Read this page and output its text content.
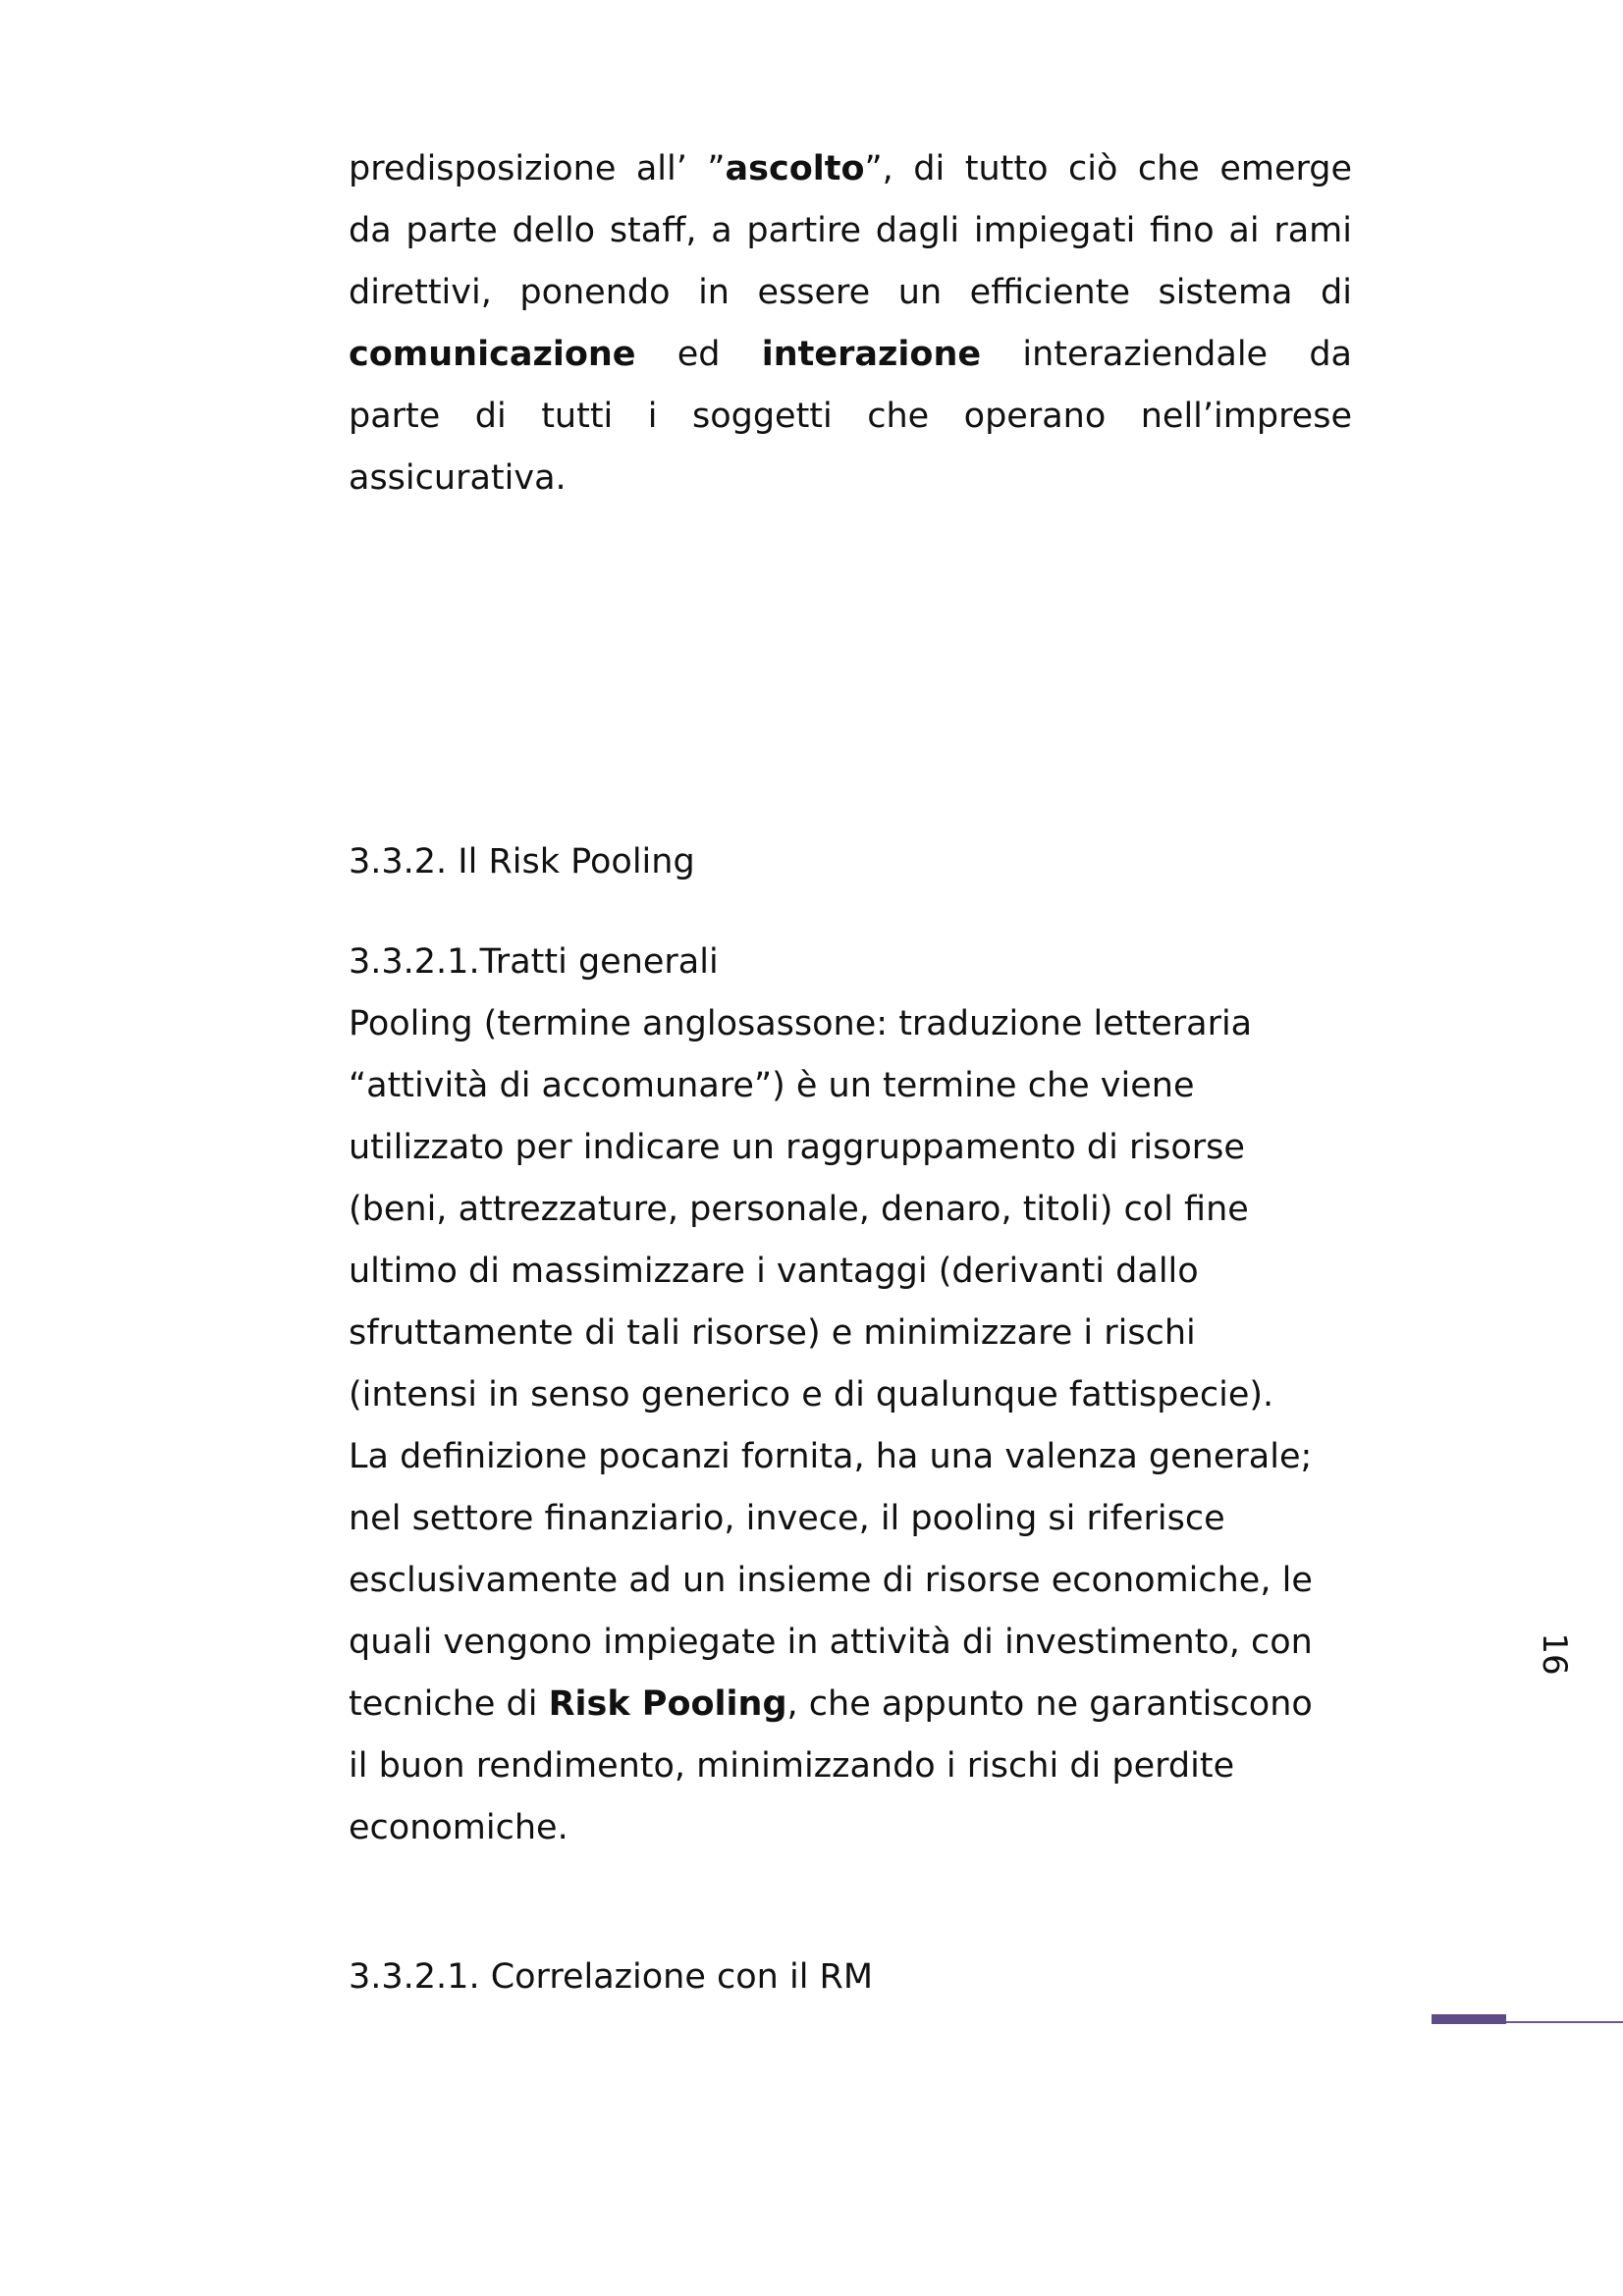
predisposizione all’ ”ascolto”, di tutto ciò che emerge
da parte dello staff, a partire dagli impiegati fino ai rami
direttivi, ponendo in essere un efficiente sistema di
comunicazione ed interazione interaziendale da
parte di tutti i soggetti che operano nell’imprese
assicurativa.
3.3.2. Il Risk Pooling
3.3.2.1.Tratti generali
Pooling (termine anglosassone: traduzione letteraria
“attività di accomunare”) è un termine che viene
utilizzato per indicare un raggruppamento di risorse
(beni, attrezzature, personale, denaro, titoli) col fine
ultimo di massimizzare i vantaggi (derivanti dallo
sfruttamente di tali risorse) e minimizzare i rischi
(intensi in senso generico e di qualunque fattispecie).
La definizione pocanzi fornita, ha una valenza generale;
nel settore finanziario, invece, il pooling si riferisce
esclusivamente ad un insieme di risorse economiche, le
quali vengono impiegate in attività di investimento, con
tecniche di Risk Pooling, che appunto ne garantiscono
il buon rendimento, minimizzando i rischi di perdite
economiche.
3.3.2.1. Correlazione con il RM
16
